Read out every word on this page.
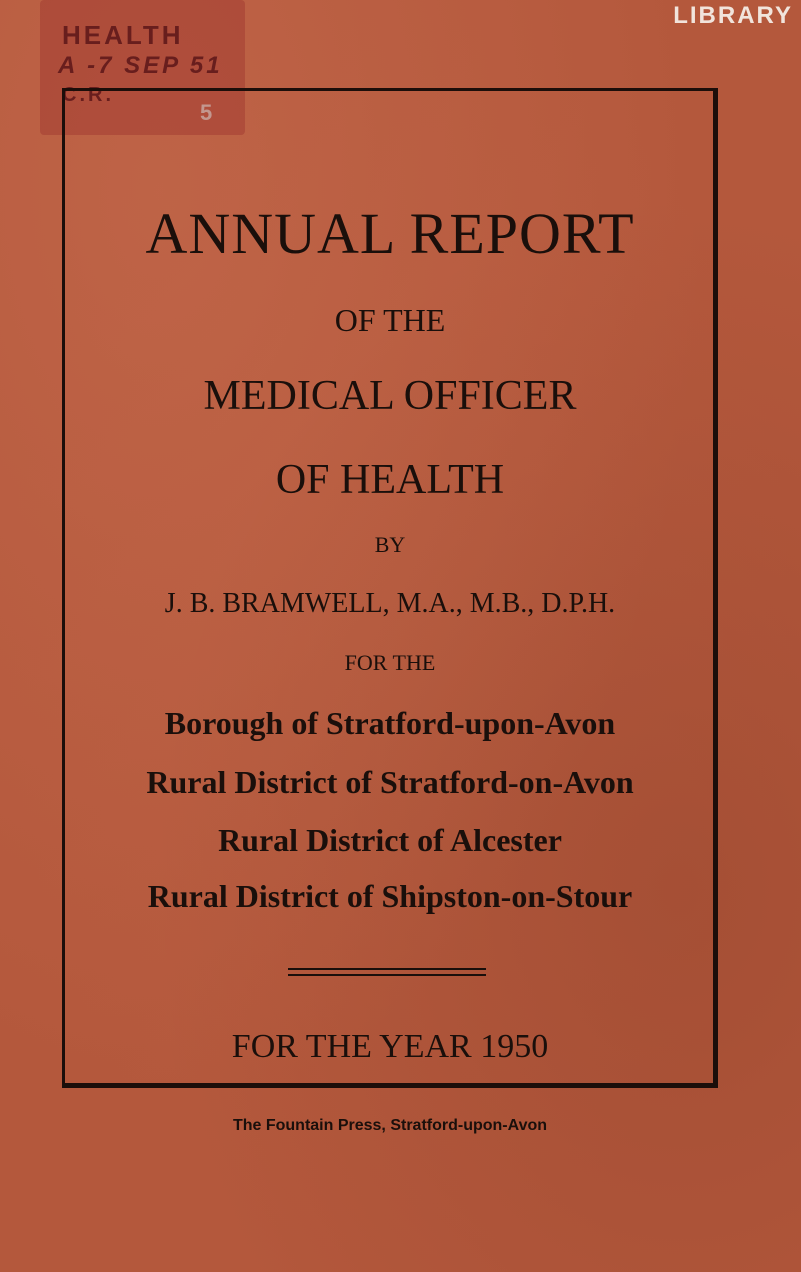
HEALTH
A -7 SEP 51
C.R.
5
LIBRARY
ANNUAL REPORT
OF THE
MEDICAL OFFICER
OF HEALTH
BY
J. B. BRAMWELL, M.A., M.B., D.P.H.
FOR THE
Borough of Stratford-upon-Avon
Rural District of Stratford-on-Avon
Rural District of Alcester
Rural District of Shipston-on-Stour
FOR THE YEAR 1950
The Fountain Press, Stratford-upon-Avon
